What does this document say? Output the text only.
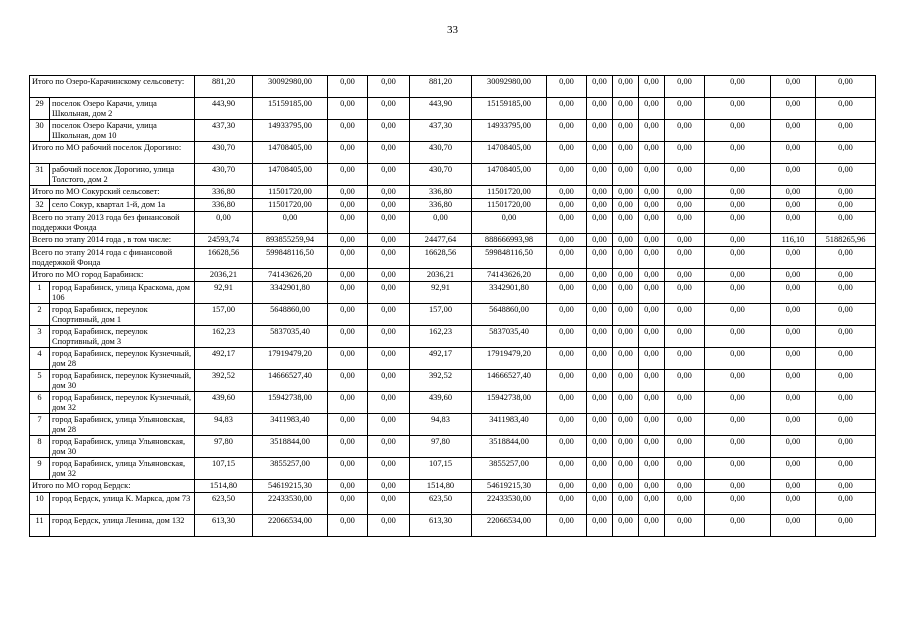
33
Итого по Озеро-Карачинскому сельсовету:		881,20	30092980,00	0,00	0,00	881,20	30092980,00	0,00	0,00	0,00	0,00	0,00	0,00	0,00	0,00
29	поселок Озеро Карачи, улица Школьная, дом 2	443,90	15159185,00	0,00	0,00	443,90	15159185,00	0,00	0,00	0,00	0,00	0,00	0,00	0,00	0,00
30	поселок Озеро Карачи, улица Школьная, дом 10	437,30	14933795,00	0,00	0,00	437,30	14933795,00	0,00	0,00	0,00	0,00	0,00	0,00	0,00	0,00
Итого по МО рабочий поселок Дорогино:		430,70	14708405,00	0,00	0,00	430,70	14708405,00	0,00	0,00	0,00	0,00	0,00	0,00	0,00	0,00
31	рабочий поселок Дорогино, улица Толстого, дом 2	430,70	14708405,00	0,00	0,00	430,70	14708405,00	0,00	0,00	0,00	0,00	0,00	0,00	0,00	0,00
Итого по МО Сокурский сельсовет:		336,80	11501720,00	0,00	0,00	336,80	11501720,00	0,00	0,00	0,00	0,00	0,00	0,00	0,00	0,00
32	село Сокур, квартал 1-й, дом 1а	336,80	11501720,00	0,00	0,00	336,80	11501720,00	0,00	0,00	0,00	0,00	0,00	0,00	0,00	0,00
Всего по этапу 2013 года без финансовой поддержки Фонда		0,00	0,00	0,00	0,00	0,00	0,00	0,00	0,00	0,00	0,00	0,00	0,00	0,00	0,00
Всего по этапу 2014 года , в том числе:		24593,74	893855259,94	0,00	0,00	24477,64	888666993,98	0,00	0,00	0,00	0,00	0,00	0,00	116,10	5188265,96
Всего по этапу 2014 года с финансовой поддержкой Фонда		16628,56	599848116,50	0,00	0,00	16628,56	599848116,50	0,00	0,00	0,00	0,00	0,00	0,00	0,00	0,00
Итого по МО город Барабинск:		2036,21	74143626,20	0,00	0,00	2036,21	74143626,20	0,00	0,00	0,00	0,00	0,00	0,00	0,00	0,00
1	город Барабинск, улица Краскома, дом 106	92,91	3342901,80	0,00	0,00	92,91	3342901,80	0,00	0,00	0,00	0,00	0,00	0,00	0,00	0,00
2	город Барабинск, переулок Спортивный, дом 1	157,00	5648860,00	0,00	0,00	157,00	5648860,00	0,00	0,00	0,00	0,00	0,00	0,00	0,00	0,00
3	город Барабинск, переулок Спортивный, дом 3	162,23	5837035,40	0,00	0,00	162,23	5837035,40	0,00	0,00	0,00	0,00	0,00	0,00	0,00	0,00
4	город Барабинск, переулок Кузнечный, дом 28	492,17	17919479,20	0,00	0,00	492,17	17919479,20	0,00	0,00	0,00	0,00	0,00	0,00	0,00	0,00
5	город Барабинск, переулок Кузнечный, дом 30	392,52	14666527,40	0,00	0,00	392,52	14666527,40	0,00	0,00	0,00	0,00	0,00	0,00	0,00	0,00
6	город Барабинск, переулок Кузнечный, дом 32	439,60	15942738,00	0,00	0,00	439,60	15942738,00	0,00	0,00	0,00	0,00	0,00	0,00	0,00	0,00
7	город Барабинск, улица Ульяновская, дом 28	94,83	3411983,40	0,00	0,00	94,83	3411983,40	0,00	0,00	0,00	0,00	0,00	0,00	0,00	0,00
8	город Барабинск, улица Ульяновская, дом 30	97,80	3518844,00	0,00	0,00	97,80	3518844,00	0,00	0,00	0,00	0,00	0,00	0,00	0,00	0,00
9	город Барабинск, улица Ульяновская, дом 32	107,15	3855257,00	0,00	0,00	107,15	3855257,00	0,00	0,00	0,00	0,00	0,00	0,00	0,00	0,00
Итого по МО город Бердск:		1514,80	54619215,30	0,00	0,00	1514,80	54619215,30	0,00	0,00	0,00	0,00	0,00	0,00	0,00	0,00
10	город Бердск, улица К. Маркса, дом 73	623,50	22433530,00	0,00	0,00	623,50	22433530,00	0,00	0,00	0,00	0,00	0,00	0,00	0,00	0,00
11	город Бердск, улица Ленина, дом 132	613,30	22066534,00	0,00	0,00	613,30	22066534,00	0,00	0,00	0,00	0,00	0,00	0,00	0,00	0,00
